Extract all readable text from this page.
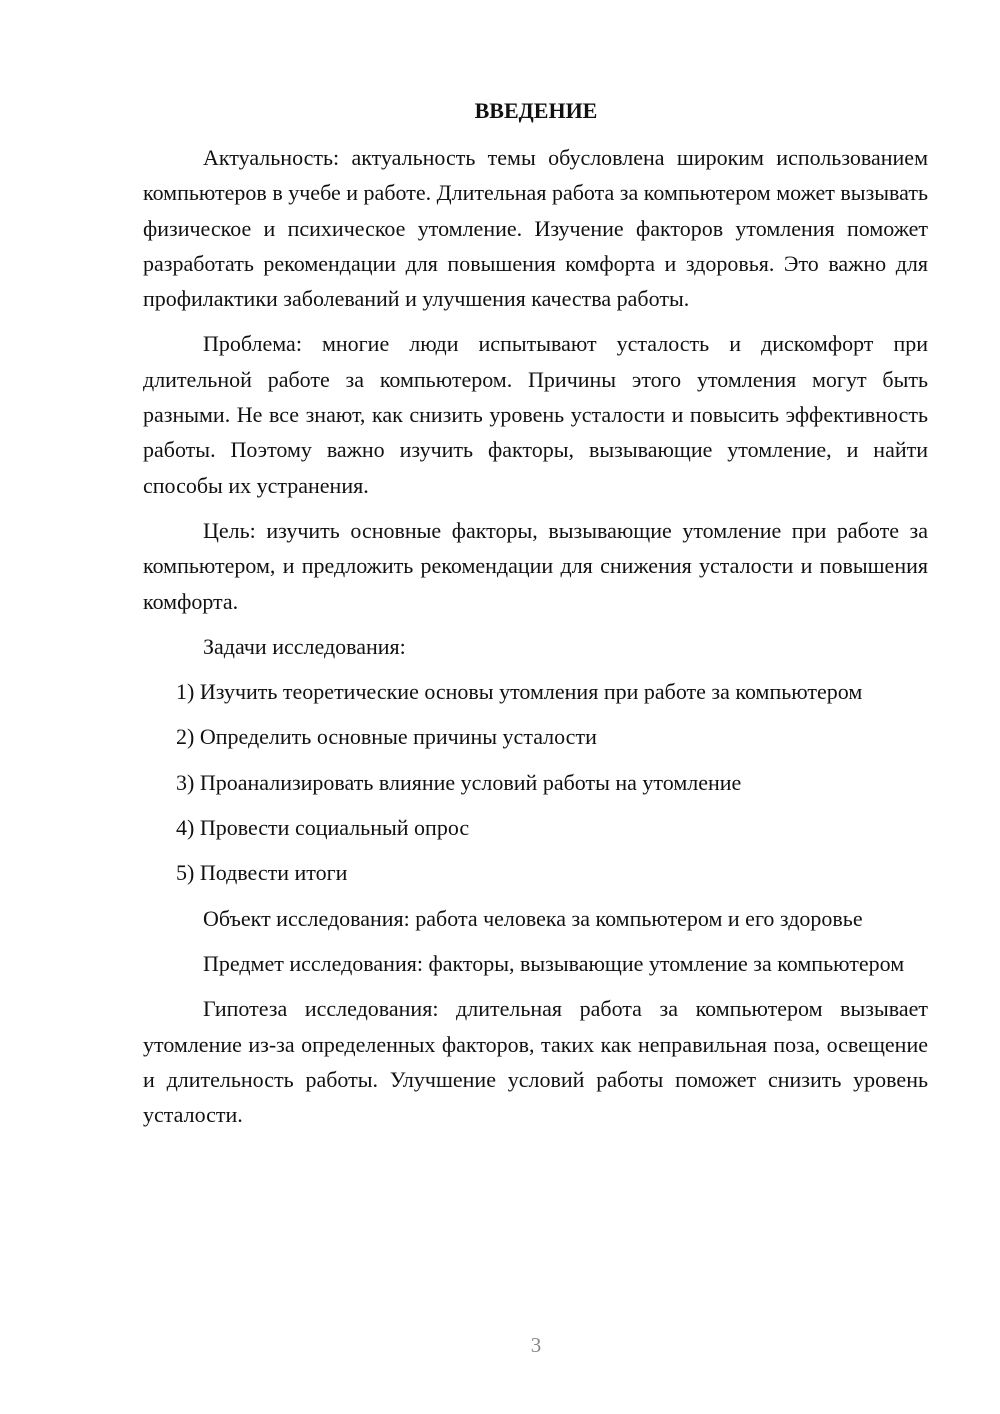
ВВЕДЕНИЕ

Актуальность: актуальность темы обусловлена широким использованием компьютеров в учебе и работе. Длительная работа за компьютером может вызывать физическое и психическое утомление. Изучение факторов утомления поможет разработать рекомендации для повышения комфорта и здоровья. Это важно для профилактики заболеваний и улучшения качества работы.

Проблема: многие люди испытывают усталость и дискомфорт при длительной работе за компьютером. Причины этого утомления могут быть разными. Не все знают, как снизить уровень усталости и повысить эффективность работы. Поэтому важно изучить факторы, вызывающие утомление, и найти способы их устранения.

Цель: изучить основные факторы, вызывающие утомление при работе за компьютером, и предложить рекомендации для снижения усталости и повышения комфорта.

Задачи исследования:

1) Изучить теоретические основы утомления при работе за компьютером

2) Определить основные причины усталости

3) Проанализировать влияние условий работы на утомление

4) Провести социальный опрос

5) Подвести итоги

Объект исследования: работа человека за компьютером и его здоровье

Предмет исследования: факторы, вызывающие утомление за компьютером

Гипотеза исследования: длительная работа за компьютером вызывает утомление из-за определенных факторов, таких как неправильная поза, освещение и длительность работы. Улучшение условий работы поможет снизить уровень усталости.

3
